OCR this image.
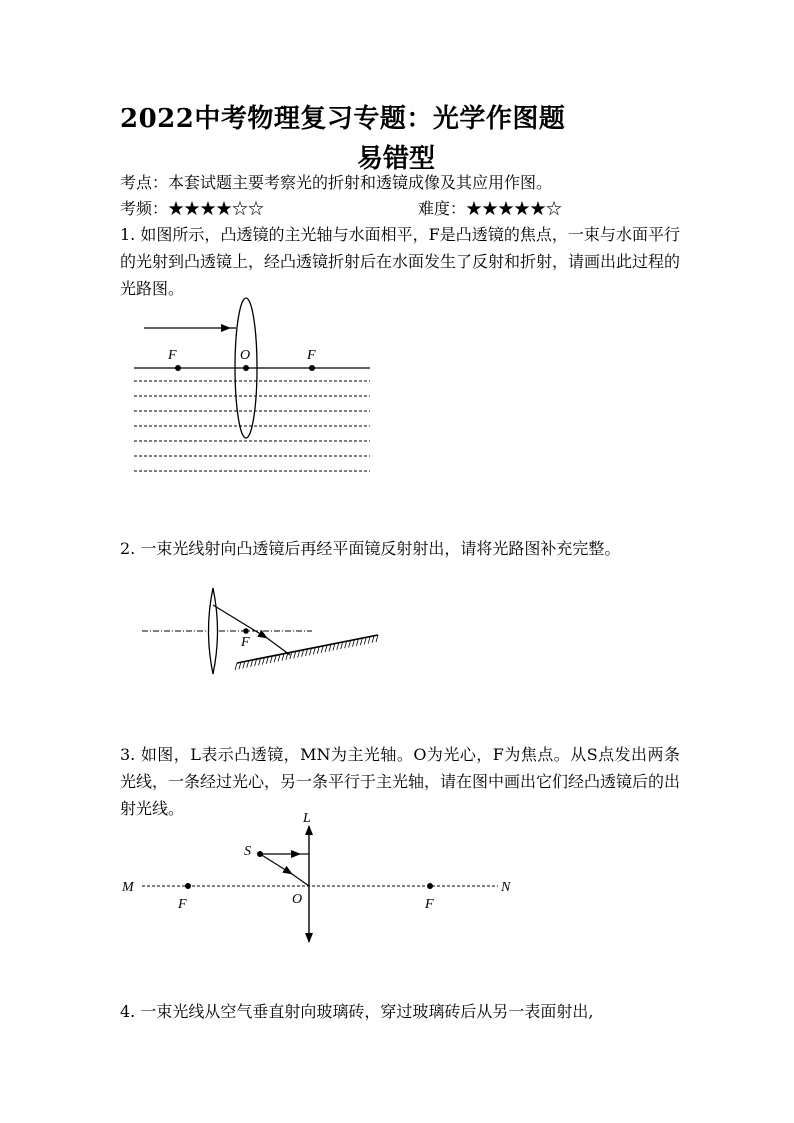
2022中考物理复习专题：光学作图题
易错型
考点：本套试题主要考察光的折射和透镜成像及其应用作图。
考频：★★★★☆☆	难度：★★★★★☆
1. 如图所示，凸透镜的主光轴与水面相平，F是凸透镜的焦点，一束与水面平行的光射到凸透镜上，经凸透镜折射后在水面发生了反射和折射，请画出此过程的光路图。
F	O	F
2. 一束光线射向凸透镜后再经平面镜反射射出，请将光路图补充完整。
F
3. 如图，L表示凸透镜，MN为主光轴。O为光心，F为焦点。从S点发出两条光线，一条经过光心，另一条平行于主光轴，请在图中画出它们经凸透镜后的出射光线。
L
S
M	N
F	O	F
4. 一束光线从空气垂直射向玻璃砖，穿过玻璃砖后从另一表面射出,
